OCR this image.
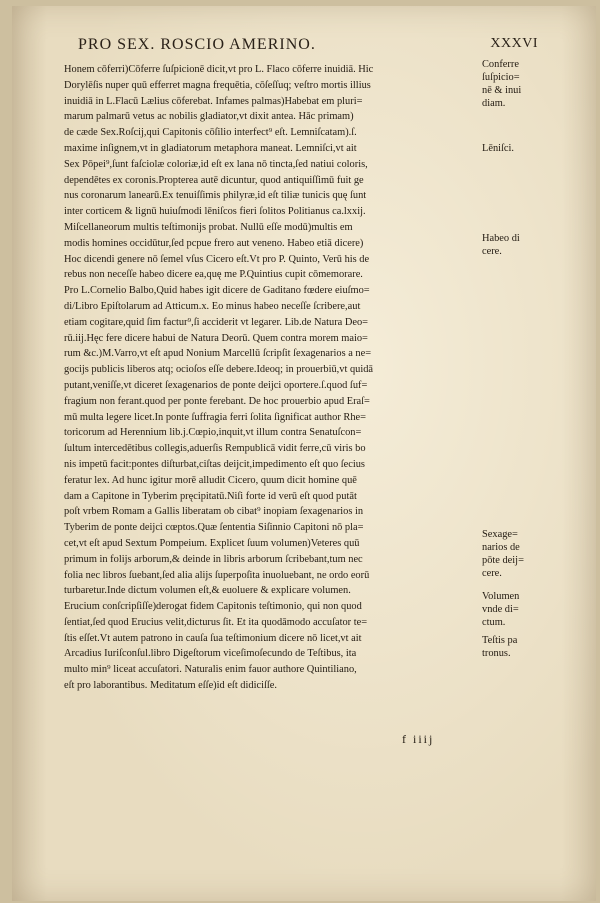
PRO SEX. ROSCIO AMERINO.	XXXVI
Honem cōferri)Cōferre ſuſpicionē dicit,vt pro L. Flaco cōferre inuidiā. Hic
Dorylēſis nuper quū efferret magna frequētia, cōſeſſuq; veſtro mortis illius
inuidiā in L.Flacū Lælius cōferebat. Infames palmas)Habebat em pluri=
marum palmarū vetus ac nobilis gladiator,vt dixit antea. Hāc primam)
de cæde Sex.Roſcij,qui Capitonis cōſilio interfect⁹ eſt. Lemniſcatam).ſ.
maxime inſignem,vt in gladiatorum metaphora maneat. Lemniſci,vt ait
Sex Pōpei⁹,ſunt faſciolæ coloriæ,id eſt ex lana nō tincta,ſed natiui coloris,
dependētes ex coronis.Propterea autē dicuntur, quod antiquiſſimū fuit ge
nus coronarum lanearū.Ex tenuiſſimis philyræ,id eſt tiliæ tunicis quę ſunt
inter corticem & lignū huiuſmodi lēniſcos fieri ſolitos Politianus ca.lxxij.
Miſcellaneorum multis teſtimonijs probat. Nullū eſſe modū)multis em
modis homines occidūtur,ſed pcpue frero aut veneno. Habeo etiā dicere)
Hoc dicendi genere nō ſemel vſus Cicero eſt.Vt pro P. Quinto, Verū his de
rebus non neceſſe habeo dicere ea,quę me P.Quintius cupit cōmemorare.
Pro L.Cornelio Balbo,Quid habes igit dicere de Gaditano fœdere eiuſmo=
di/Libro Epiſtolarum ad Atticum.x. Eo minus habeo neceſſe ſcribere,aut
etiam cogitare,quid ſim factur⁹,ſi acciderit vt legarer. Lib.de Natura Deo=
rū.iij.Hęc fere dicere habui de Natura Deorū. Quem contra morem maio=
rum &c.)M.Varro,vt eſt apud Nonium Marcellū ſcripſit ſexagenarios a ne=
gocijs publicis liberos atq; ocioſos eſſe debere.Ideoq; in prouerbiū,vt quidā
putant,veniſſe,vt diceret ſexagenarios de ponte deijci oportere.ſ.quod ſuf=
fragium non ferant.quod per ponte ferebant. De hoc prouerbio apud Eraſ=
mū multa legere licet.In ponte ſuffragia ferri ſolita ſignificat author Rhe=
toricorum ad Herennium lib.j.Cœpio,inquit,vt illum contra Senatuſcon=
ſultum intercedētibus collegis,aduerſis Rempublicā vidit ferre,cū viris bo
nis impetū facit:pontes diſturbat,ciſtas deijcit,impedimento eſt quo ſecius
feratur lex. Ad hunc igitur morē alludit Cicero, quum dicit homine quē
dam a Capitone in Tyberim pręcipitatū.Niſi forte id verū eſt quod putāt
poſt vrbem Romam a Gallis liberatam ob cibat⁹ inopiam ſexagenarios in
Tyberim de ponte deijci cœptos.Quæ ſententia Siſinnio Capitoni nō pla=
cet,vt eſt apud Sextum Pompeium. Explicet ſuum volumen)Veteres quū
primum in folijs arborum,& deinde in libris arborum ſcribebant,tum nec
folia nec libros ſuebant,ſed alia alijs ſuperpoſita inuoluebant, ne ordo eorū
turbaretur.Inde dictum volumen eſt,& euoluere & explicare volumen.
Erucium conſcripſiſſe)derogat fidem Capitonis teſtimonio, qui non quod
ſentiat,ſed quod Erucius velit,dicturus ſit. Et ita quodāmodo accuſator te=
ſtis eſſet.Vt autem patrono in cauſa ſua teſtimonium dicere nō licet,vt ait
Arcadius Iuriſconſul.libro Digeſtorum viceſimoſecundo de Teſtibus, ita
multo min⁹ liceat accuſatori. Naturalis enim fauor authore Quintiliano,
eſt pro laborantibus. Meditatum eſſe)id eſt didiciſſe.
Conferre
ſuſpicio=
nē & inui
diam.
Lēniſci.
Habeo di
cere.
Sexage=
narios de
pōte deij=
cere.
Volumen
vnde di=
ctum.
Teſtis pa
tronus.
f iiij
